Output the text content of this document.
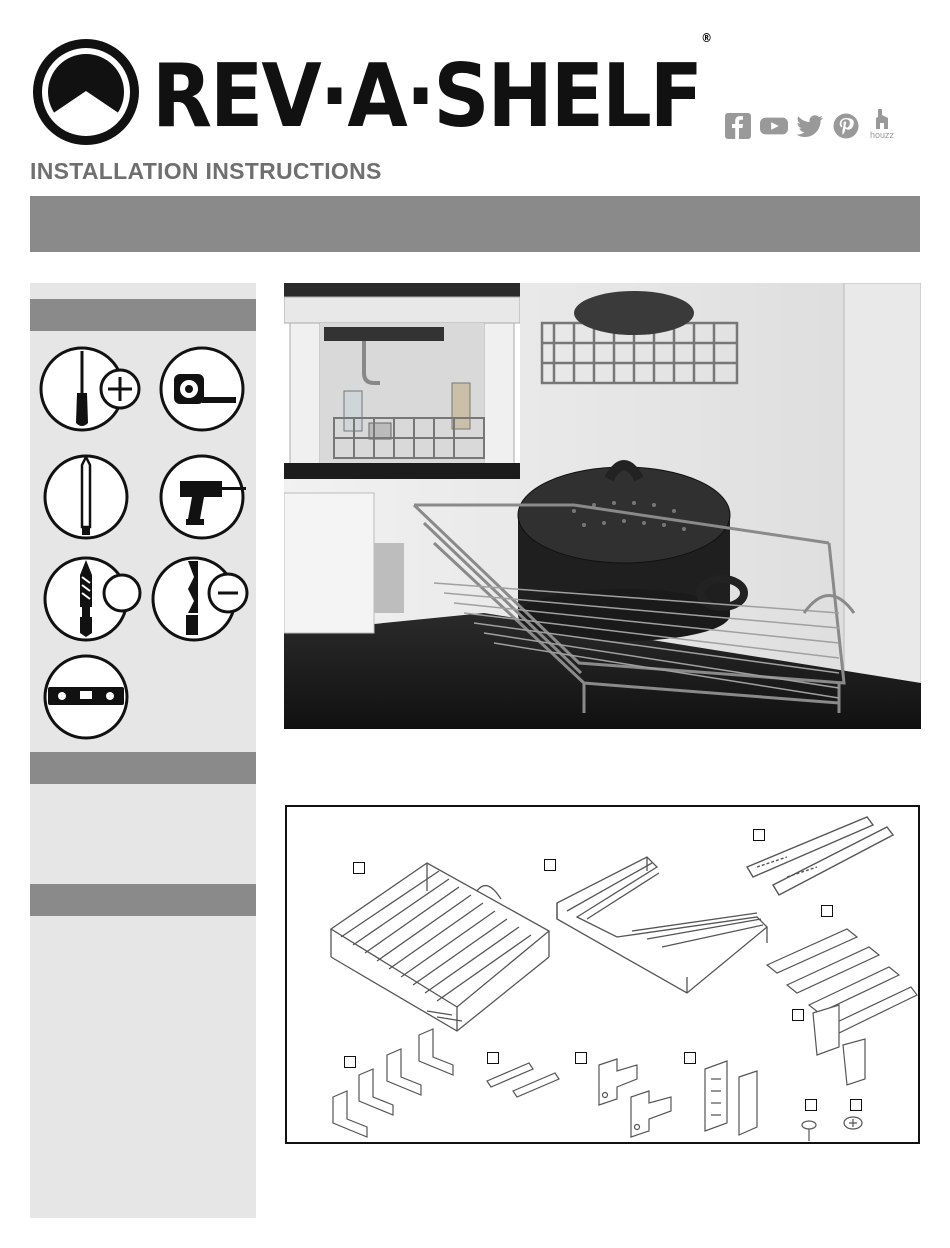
REV·A·SHELF®
houzz
INSTALLATION INSTRUCTIONS
